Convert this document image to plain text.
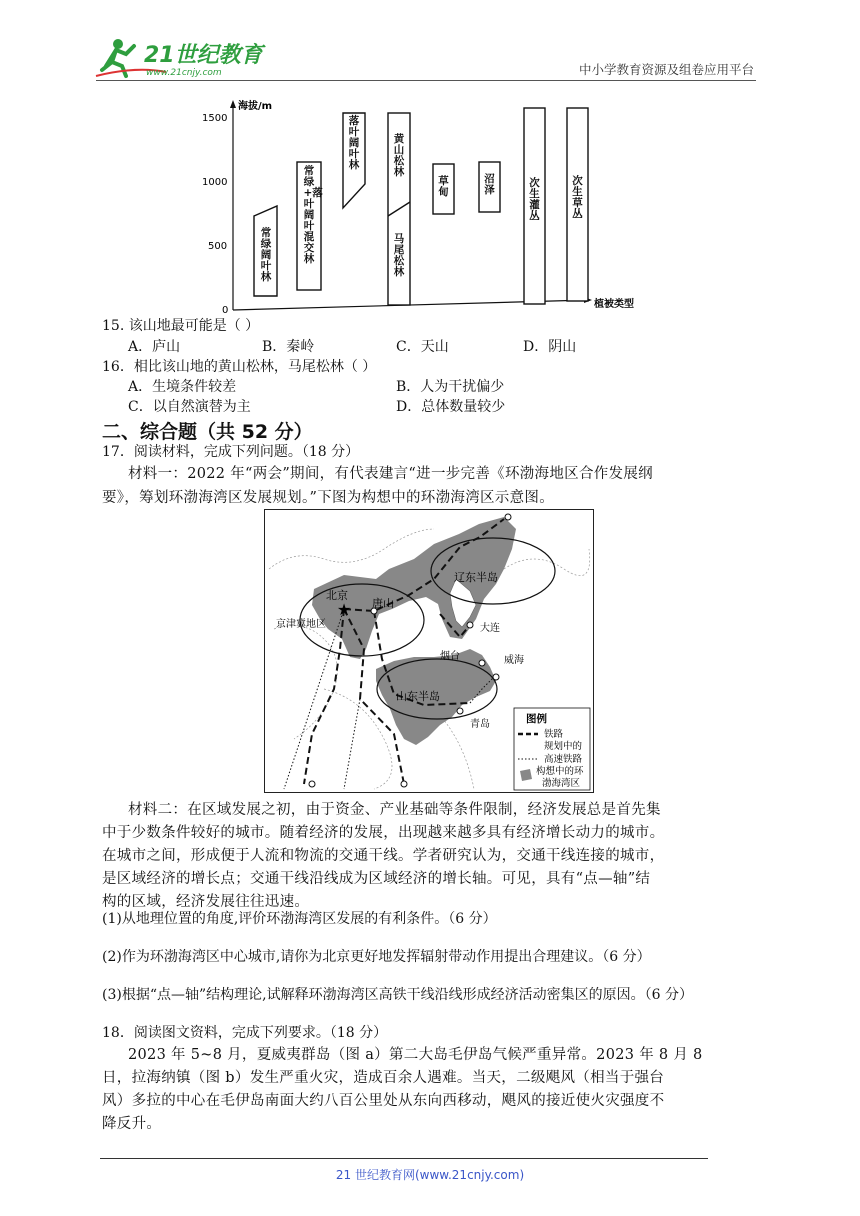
21世纪教育
www.21cnjy.com	中小学教育资源及组卷应用平台
海拔/m
植被类型
1500
1000
500
0
常绿阔叶林
常绿+落叶阔叶混交林
落叶阔叶林
黄山松林
马尾松林
草甸
沼泽
次生灌丛
次生草丛
15. 该山地最可能是（ ）
A．庐山	B．秦岭	C．天山	D．阴山
16．相比该山地的黄山松林，马尾松林（ ）
A．生境条件较差	B．人为干扰偏少
C．以自然演替为主	D．总体数量较少
二、综合题（共 52 分）
17．阅读材料，完成下列问题。（18 分）
材料一：2022 年“两会”期间，有代表建言“进一步完善《环渤海地区合作发展纲
要》，筹划环渤海湾区发展规划。”下图为构想中的环渤海湾区示意图。
★
辽东半岛
北京
唐山
京津冀地区	大连
烟台	威海
山东半岛
青岛	图例
铁路
规划中的
高速铁路
构想中的环
渤海湾区
材料二：在区域发展之初，由于资金、产业基础等条件限制，经济发展总是首先集
中于少数条件较好的城市。随着经济的发展，出现越来越多具有经济增长动力的城市。
在城市之间，形成便于人流和物流的交通干线。学者研究认为，交通干线连接的城市，
是区域经济的增长点；交通干线沿线成为区域经济的增长轴。可见，具有“点—轴”结
构的区域，经济发展往往迅速。
(1)从地理位置的角度,评价环渤海湾区发展的有利条件。（6 分）
(2)作为环渤海湾区中心城市,请你为北京更好地发挥辐射带动作用提出合理建议。（6 分）
(3)根据“点—轴”结构理论,试解释环渤海湾区高铁干线沿线形成经济活动密集区的原因。（6 分）
18．阅读图文资料，完成下列要求。（18 分）
2023 年 5~8 月，夏威夷群岛（图 a）第二大岛毛伊岛气候严重异常。2023 年 8 月 8
日，拉海纳镇（图 b）发生严重火灾，造成百余人遇难。当天，二级飓风（相当于强台
风）多拉的中心在毛伊岛南面大约八百公里处从东向西移动，飓风的接近使火灾强度不
降反升。
21 世纪教育网(www.21cnjy.com)
